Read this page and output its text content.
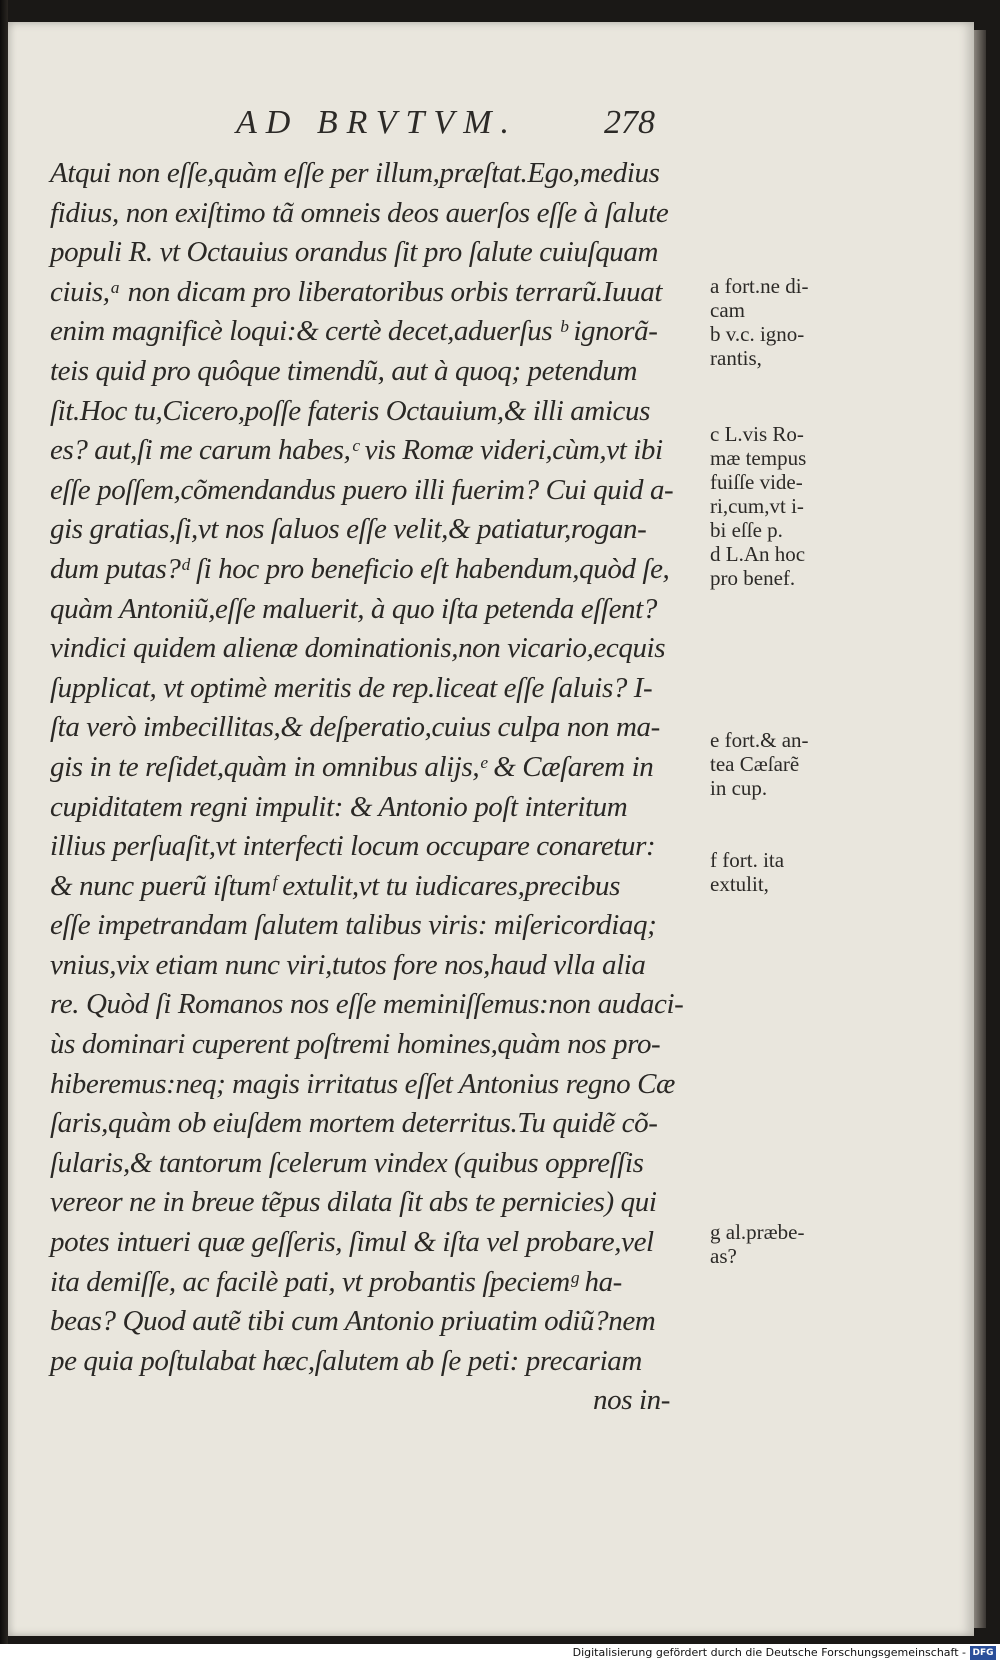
AD BRVTVM.	278
Atqui non eſſe,quàm eſſe per illum,præſtat.Ego,medius
fidius, non exiſtimo tã omneis deos auerſos eſſe à ſalute
populi R. vt Octauius orandus ſit pro ſalute cuiuſquam
ciuis,ᵃ non dicam pro liberatoribus orbis terrarũ.Iuuat
enim magnificè loqui:& certè decet,aduerſus ᵇ ignorã-
teis quid pro quôque timendũ, aut à quoq; petendum
ſit.Hoc tu,Cicero,poſſe fateris Octauium,& illi amicus
es? aut,ſi me carum habes,ᶜ vis Romæ videri,cùm,vt ibi
eſſe poſſem,cõmendandus puero illi fuerim? Cui quid a-
gis gratias,ſi,vt nos ſaluos eſſe velit,& patiatur,rogan-
dum putas?ᵈ ſi hoc pro beneficio eſt habendum,quòd ſe,
quàm Antoniũ,eſſe maluerit, à quo iſta petenda eſſent?
vindici quidem alienæ dominationis,non vicario,ecquis
ſupplicat, vt optimè meritis de rep.liceat eſſe ſaluis? I-
ſta verò imbecillitas,& deſperatio,cuius culpa non ma-
gis in te reſidet,quàm in omnibus alijs,ᵉ & Cæſarem in
cupiditatem regni impulit: & Antonio poſt interitum
illius perſuaſit,vt interfecti locum occupare conaretur:
& nunc puerũ iſtumᶠ extulit,vt tu iudicares,precibus
eſſe impetrandam ſalutem talibus viris: miſericordiaq;
vnius,vix etiam nunc viri,tutos fore nos,haud vlla alia
re. Quòd ſi Romanos nos eſſe meminiſſemus:non audaci-
ùs dominari cuperent poſtremi homines,quàm nos pro-
hiberemus:neq; magis irritatus eſſet Antonius regno Cæ
ſaris,quàm ob eiuſdem mortem deterritus.Tu quidẽ cõ-
ſularis,& tantorum ſcelerum vindex (quibus oppreſſis
vereor ne in breue tẽpus dilata ſit abs te pernicies) qui
potes intueri quæ geſſeris, ſimul & iſta vel probare,vel
ita demiſſe, ac facilè pati, vt probantis ſpeciemᵍ ha-
beas? Quod autẽ tibi cum Antonio priuatim odiũ?nem
pe quia poſtulabat hæc,ſalutem ab ſe peti: precariam
nos in-
a fort.ne di-
cam
b v.c. igno-
rantis,
c L.vis Ro-
mæ tempus
fuiſſe vide-
ri,cum,vt i-
bi eſſe p.
d L.An hoc
pro benef.
e fort.& an-
tea Cæſarẽ
in cup.
f fort. ita
extulit,
g al.præbe-
as?
Digitalisierung gefördert durch die Deutsche Forschungsgemeinschaft - DFG
